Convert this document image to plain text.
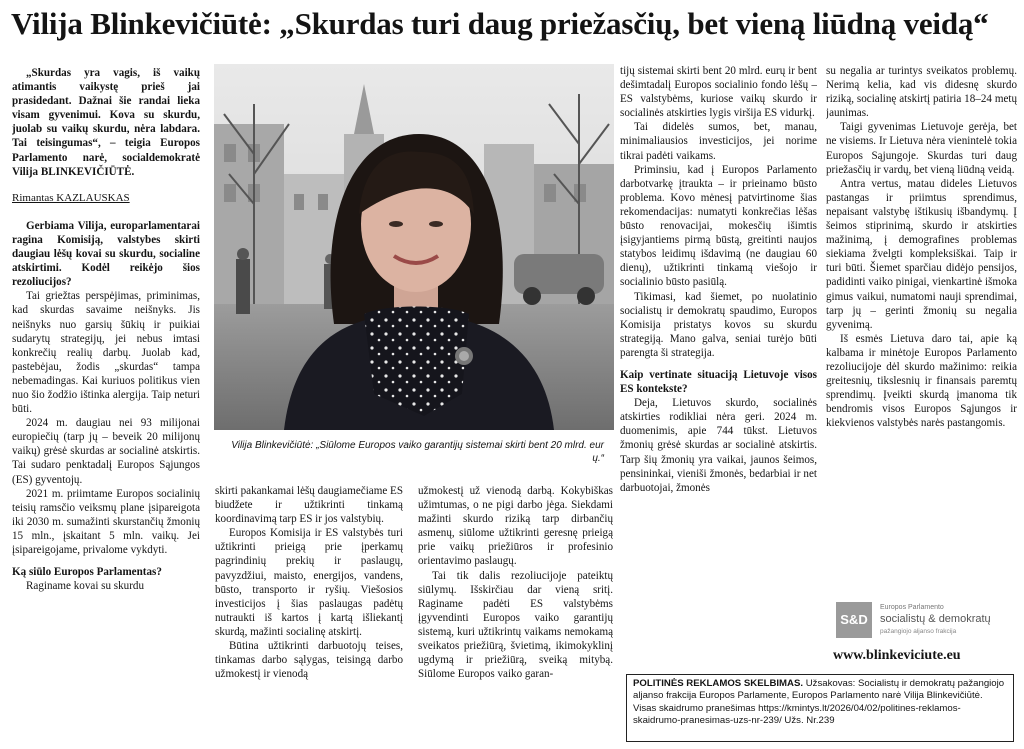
Vilija Blinkevičiūtė: „Skurdas turi daug priežasčių, bet vieną liūdną veidą“

„Skurdas yra vagis, iš vaikų atimantis vaikystę prieš jai prasidedant. Dažnai šie randai lieka visam gyvenimui. Kova su skurdu, juolab su vaikų skurdu, nėra labdara. Tai teisingumas“, – teigia Europos Parlamento narė, socialdemokratė Vilija BLINKEVIČIŪTĖ.

Rimantas KAZLAUSKAS

Gerbiama Vilija, europarlamentarai ragina Komisiją, valstybes skirti daugiau lėšų kovai su skurdu, socialine atskirtimi. Kodėl reikėjo šios rezoliucijos?

Tai griežtas perspėjimas, priminimas, kad skurdas savaime neišnyks. Jis neišnyks nuo garsių šūkių ir puikiai sudarytų strategijų, jei nebus imtasi konkrečių realių darbų. Juolab kad, pastebėjau, žodis „skurdas“ tampa nebemadingas. Kai kuriuos politikus vien nuo šio žodžio ištinka alergija. Taip neturi būti.

2024 m. daugiau nei 93 milijonai europiečių (tarp jų – beveik 20 milijonų vaikų) grėsė skurdas ar socialinė atskirtis. Tai sudaro penktadalį Europos Sąjungos (ES) gyventojų.

2021 m. priimtame Europos socialinių teisių ramsčio veiksmų plane įsipareigota iki 2030 m. sumažinti skurstančių žmonių 15 mln., įskaitant 5 mln. vaikų. Jei įsipareigojame, privalome vykdyti.

Ką siūlo Europos Parlamentas?

Raginame kovai su skurdu

Vilija Blinkevičiūtė: „Siūlome Europos vaiko garantijų sistemai skirti bent 20 mlrd. eur ų.“

skirti pakankamai lėšų daugiamečiame ES biudžete ir užtikrinti tinkamą koordinavimą tarp ES ir jos valstybių.

Europos Komisija ir ES valstybės turi užtikrinti prieigą prie įperkamų pagrindinių prekių ir paslaugų, pavyzdžiui, maisto, energijos, vandens, būsto, transporto ir ryšių. Viešosios investicijos į šias paslaugas padėtų nutraukti iš kartos į kartą išliekantį skurdą, mažinti socialinę atskirtį.

Būtina užtikrinti darbuotojų teises, tinkamas darbo sąlygas, teisingą darbo užmokestį ir vienodą

užmokestį už vienodą darbą. Kokybiškas užimtumas, o ne pigi darbo jėga. Siekdami mažinti skurdo riziką tarp dirbančių asmenų, siūlome užtikrinti geresnę prieigą prie vaikų priežiūros ir profesinio orientavimo paslaugų.

Tai tik dalis rezoliucijoje pateiktų siūlymų. Išskirčiau dar vieną sritį. Raginame padėti ES valstybėms įgyvendinti Europos vaiko garantijų sistemą, kuri užtikrintų vaikams nemokamą sveikatos priežiūrą, švietimą, ikimokyklinį ugdymą ir priežiūrą, sveiką mitybą. Siūlome Europos vaiko garan-

tijų sistemai skirti bent 20 mlrd. eurų ir bent dešimtadalį Europos socialinio fondo lėšų – ES valstybėms, kuriose vaikų skurdo ir socialinės atskirties lygis viršija ES vidurkį.

Tai didelės sumos, bet, manau, minimaliausios investicijos, jei norime tikrai padėti vaikams.

Priminsiu, kad į Europos Parlamento darbotvarkę įtraukta – ir prieinamo būsto problema. Kovo mėnesį patvirtinome šias rekomendacijas: numatyti konkrečias lėšas būsto renovacijai, mokesčių išimtis įsigyjantiems pirmą būstą, greitinti naujos statybos leidimų išdavimą (ne daugiau 60 dienų), užtikrinti tinkamą viešojo ir socialinio būsto pasiūlą.

Tikimasi, kad šiemet, po nuolatinio socialistų ir demokratų spaudimo, Europos Komisija pristatys kovos su skurdu strategiją. Mano galva, seniai turėjo būti parengta ši strategija.

Kaip vertinate situaciją Lietuvoje visos ES kontekste?

Deja, Lietuvos skurdo, socialinės atskirties rodikliai nėra geri. 2024 m. duomenimis, apie 744 tūkst. Lietuvos žmonių grėsė skurdas ar socialinė atskirtis. Tarp šių žmonių yra vaikai, jaunos šeimos, pensininkai, vieniši žmonės, bedarbiai ir net darbuotojai, žmonės

su negalia ar turintys sveikatos problemų. Nerimą kelia, kad vis didesnę skurdo riziką, socialinę atskirtį patiria 18–24 metų jaunimas.

Taigi gyvenimas Lietuvoje gerėja, bet ne visiems. Ir Lietuva nėra vienintelė tokia Europos Sąjungoje. Skurdas turi daug priežasčių ir vardų, bet vieną liūdną veidą.

Antra vertus, matau dideles Lietuvos pastangas ir priimtus sprendimus, nepaisant valstybę ištikusių išbandymų. Į šeimos stiprinimą, skurdo ir atskirties mažinimą, į demografines problemas siekiama žvelgti kompleksiškai. Taip ir turi būti. Šiemet sparčiau didėjo pensijos, padidinti vaiko pinigai, vienkartinė išmoka gimus vaikui, numatomi nauji sprendimai, tarp jų – gerinti žmonių su negalia gyvenimą.

Iš esmės Lietuva daro tai, apie ką kalbama ir minėtoje Europos Parlamento rezoliucijoje dėl skurdo mažinimo: reikia greitesnių, tikslesnių ir finansais paremtų sprendimų. Įveikti skurdą įmanoma tik bendromis visos Europos Sąjungos ir kiekvienos valstybės narės pastangomis.

S&D
Europos Parlamento
socialistų & demokratų
pažangiojo aljanso frakcija
www.blinkeviciute.eu
POLITINĖS REKLAMOS SKELBIMAS. Užsakovas: Socialistų ir demokratų pažangiojo aljanso frakcija Europos Parlamente, Europos Parlamento narė Vilija Blinkevičiūtė. Visas skaidrumo pranešimas https://kmintys.lt/2026/04/02/politines-reklamos-skaidrumo-pranesimas-uzs-nr-239/ Užs. Nr.239
